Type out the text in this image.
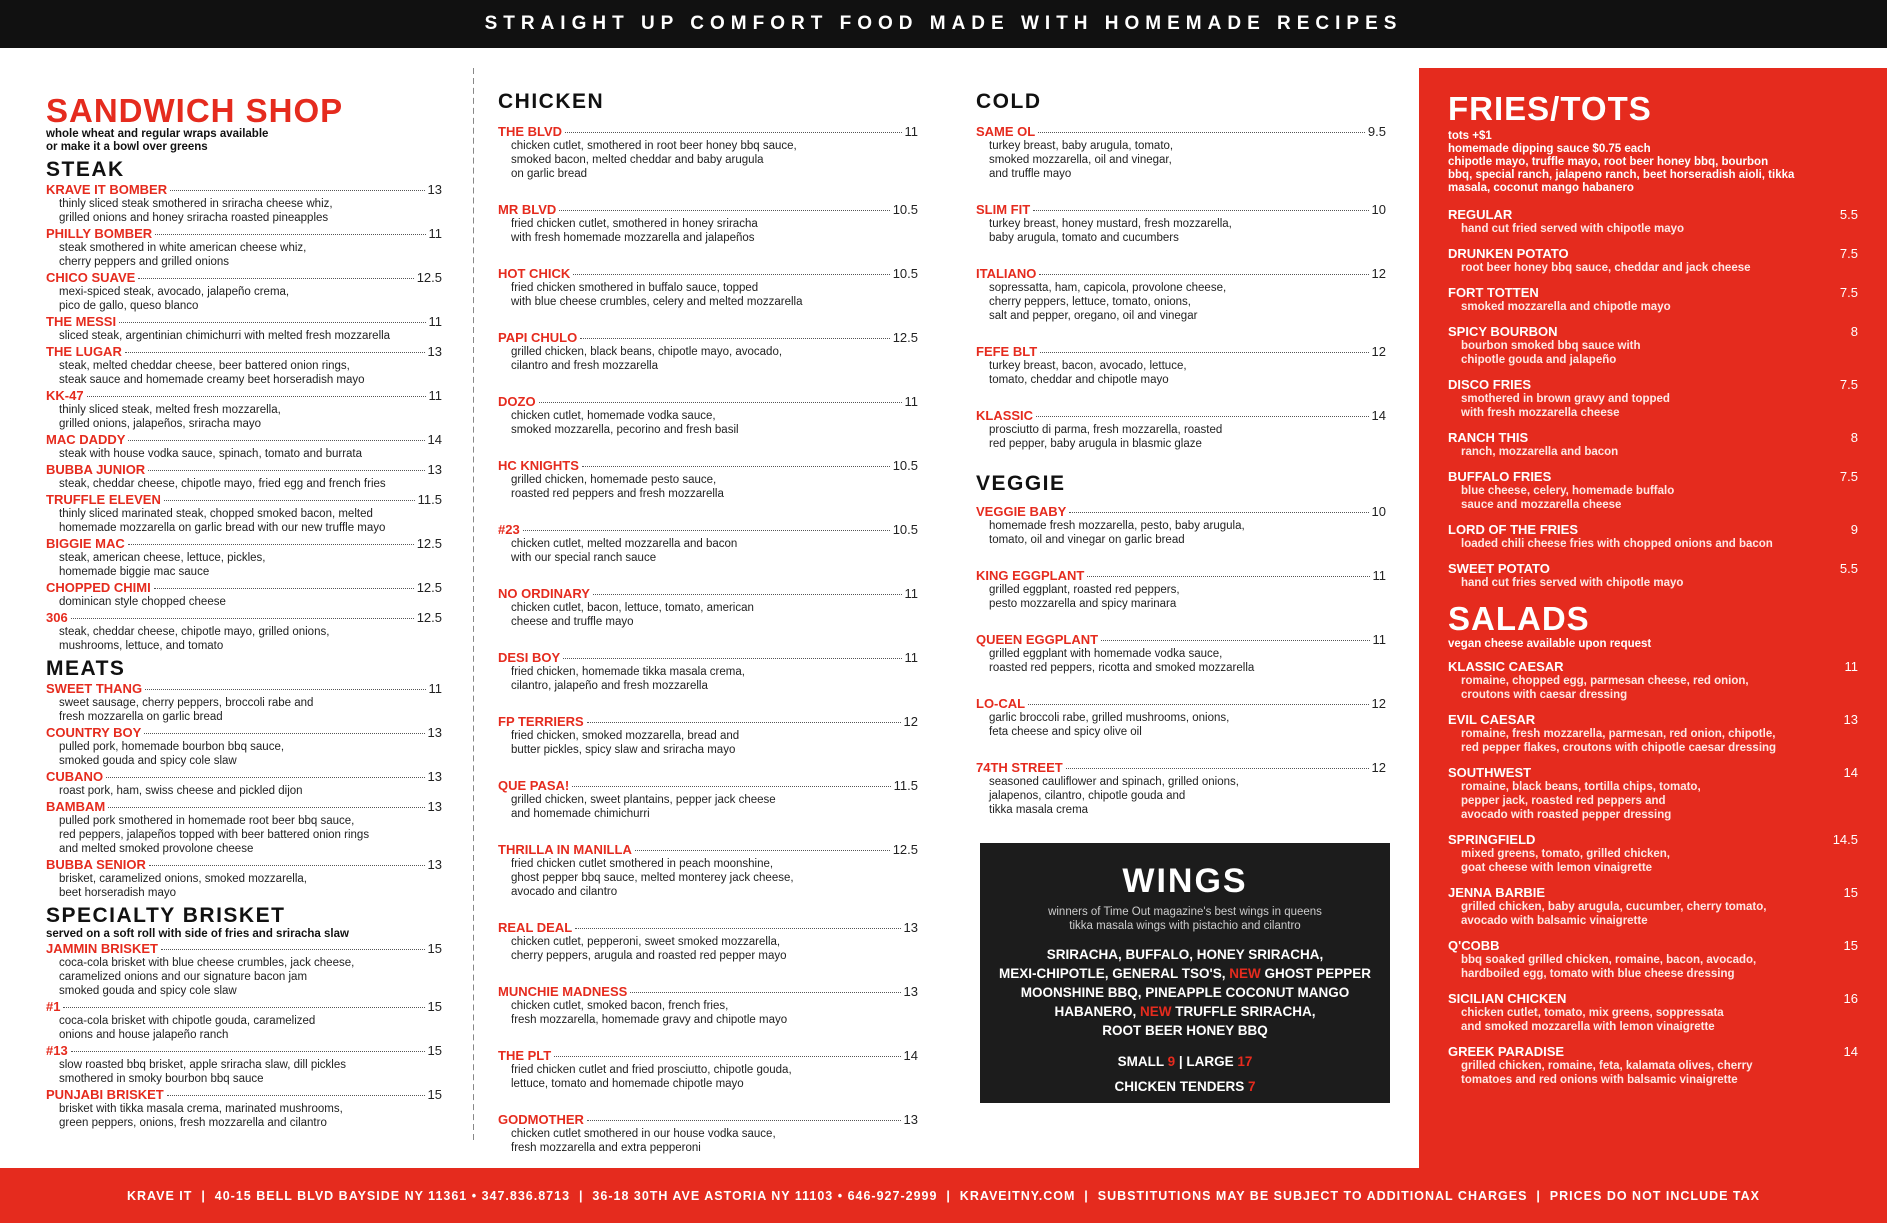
STRAIGHT UP COMFORT FOOD MADE WITH HOMEMADE RECIPES
SANDWICH SHOP
whole wheat and regular wraps available
or make it a bowl over greens
STEAK
KRAVE IT BOMBER	13
thinly sliced steak smothered in sriracha cheese whiz,
grilled onions and honey sriracha roasted pineapples
PHILLY BOMBER	11
steak smothered in white american cheese whiz,
cherry peppers and grilled onions
CHICO SUAVE	12.5
mexi-spiced steak, avocado, jalapeño crema,
pico de gallo, queso blanco
THE MESSI	11
sliced steak, argentinian chimichurri with melted fresh mozzarella
THE LUGAR	13
steak, melted cheddar cheese, beer battered onion rings,
steak sauce and homemade creamy beet horseradish mayo
KK-47	11
thinly sliced steak, melted fresh mozzarella,
grilled onions, jalapeños, sriracha mayo
MAC DADDY	14
steak with house vodka sauce, spinach, tomato and burrata
BUBBA JUNIOR	13
steak, cheddar cheese, chipotle mayo, fried egg and french fries
TRUFFLE ELEVEN	11.5
thinly sliced marinated steak, chopped smoked bacon, melted
homemade mozzarella on garlic bread with our new truffle mayo
BIGGIE MAC	12.5
steak, american cheese, lettuce, pickles,
homemade biggie mac sauce
CHOPPED CHIMI	12.5
dominican style chopped cheese
306	12.5
steak, cheddar cheese, chipotle mayo, grilled onions,
mushrooms, lettuce, and tomato
MEATS
SWEET THANG	11
sweet sausage, cherry peppers, broccoli rabe and
fresh mozzarella on garlic bread
COUNTRY BOY	13
pulled pork, homemade bourbon bbq sauce,
smoked gouda and spicy cole slaw
CUBANO	13
roast pork, ham, swiss cheese and pickled dijon
BAMBAM	13
pulled pork smothered in homemade root beer bbq sauce,
red peppers, jalapeños topped with beer battered onion rings
and melted smoked provolone cheese
BUBBA SENIOR	13
brisket, caramelized onions, smoked mozzarella,
beet horseradish mayo
SPECIALTY BRISKET
served on a soft roll with side of fries and sriracha slaw
JAMMIN BRISKET	15
coca-cola brisket with blue cheese crumbles, jack cheese,
caramelized onions and our signature bacon jam
smoked gouda and spicy cole slaw
#1	15
coca-cola brisket with chipotle gouda, caramelized
onions and house jalapeño ranch
#13	15
slow roasted bbq brisket, apple sriracha slaw, dill pickles
smothered in smoky bourbon bbq sauce
PUNJABI BRISKET	15
brisket with tikka masala crema, marinated mushrooms,
green peppers, onions, fresh mozzarella and cilantro
CHICKEN
THE BLVD	11
chicken cutlet, smothered in root beer honey bbq sauce,
smoked bacon, melted cheddar and baby arugula
on garlic bread
MR BLVD	10.5
fried chicken cutlet, smothered in honey sriracha
with fresh homemade mozzarella and jalapeños
HOT CHICK	10.5
fried chicken smothered in buffalo sauce, topped
with blue cheese crumbles, celery and melted mozzarella
PAPI CHULO	12.5
grilled chicken, black beans, chipotle mayo, avocado,
cilantro and fresh mozzarella
DOZO	11
chicken cutlet, homemade vodka sauce,
smoked mozzarella, pecorino and fresh basil
HC KNIGHTS	10.5
grilled chicken, homemade pesto sauce,
roasted red peppers and fresh mozzarella
#23	10.5
chicken cutlet, melted mozzarella and bacon
with our special ranch sauce
NO ORDINARY	11
chicken cutlet, bacon, lettuce, tomato, american
cheese and truffle mayo
DESI BOY	11
fried chicken, homemade tikka masala crema,
cilantro, jalapeño and fresh mozzarella
FP TERRIERS	12
fried chicken, smoked mozzarella, bread and
butter pickles, spicy slaw and sriracha mayo
QUE PASA!	11.5
grilled chicken, sweet plantains, pepper jack cheese
and homemade chimichurri
THRILLA IN MANILLA	12.5
fried chicken cutlet smothered in peach moonshine,
ghost pepper bbq sauce, melted monterey jack cheese,
avocado and cilantro
REAL DEAL	13
chicken cutlet, pepperoni, sweet smoked mozzarella,
cherry peppers, arugula and roasted red pepper mayo
MUNCHIE MADNESS	13
chicken cutlet, smoked bacon, french fries,
fresh mozzarella, homemade gravy and chipotle mayo
THE PLT	14
fried chicken cutlet and fried prosciutto, chipotle gouda,
lettuce, tomato and homemade chipotle mayo
GODMOTHER	13
chicken cutlet smothered in our house vodka sauce,
fresh mozzarella and extra pepperoni
COLD
SAME OL	9.5
turkey breast, baby arugula, tomato,
smoked mozzarella, oil and vinegar,
and truffle mayo
SLIM FIT	10
turkey breast, honey mustard, fresh mozzarella,
baby arugula, tomato and cucumbers
ITALIANO	12
sopressatta, ham, capicola, provolone cheese,
cherry peppers, lettuce, tomato, onions,
salt and pepper, oregano, oil and vinegar
FEFE BLT	12
turkey breast, bacon, avocado, lettuce,
tomato, cheddar and chipotle mayo
KLASSIC	14
prosciutto di parma, fresh mozzarella, roasted
red pepper, baby arugula in blasmic glaze
VEGGIE
VEGGIE BABY	10
homemade fresh mozzarella, pesto, baby arugula,
tomato, oil and vinegar on garlic bread
KING EGGPLANT	11
grilled eggplant, roasted red peppers,
pesto mozzarella and spicy marinara
QUEEN EGGPLANT	11
grilled eggplant with homemade vodka sauce,
roasted red peppers, ricotta and smoked mozzarella
LO-CAL	12
garlic broccoli rabe, grilled mushrooms, onions,
feta cheese and spicy olive oil
74TH STREET	12
seasoned cauliflower and spinach, grilled onions,
jalapenos, cilantro, chipotle gouda and
tikka masala crema
WINGS
winners of Time Out magazine's best wings in queens
tikka masala wings with pistachio and cilantro
SRIRACHA, BUFFALO, HONEY SRIRACHA,
MEXI-CHIPOTLE, GENERAL TSO'S, NEW GHOST PEPPER
MOONSHINE BBQ, PINEAPPLE COCONUT MANGO
HABANERO, NEW TRUFFLE SRIRACHA,
ROOT BEER HONEY BBQ
SMALL 9 | LARGE 17
CHICKEN TENDERS 7
FRIES/TOTS
tots +$1
homemade dipping sauce $0.75 each
chipotle mayo, truffle mayo, root beer honey bbq, bourbon
bbq, special ranch, jalapeno ranch, beet horseradish aioli, tikka
masala, coconut mango habanero
REGULAR	5.5
hand cut fried served with chipotle mayo
DRUNKEN POTATO	7.5
root beer honey bbq sauce, cheddar and jack cheese
FORT TOTTEN	7.5
smoked mozzarella and chipotle mayo
SPICY BOURBON	8
bourbon smoked bbq sauce with
chipotle gouda and jalapeño
DISCO FRIES	7.5
smothered in brown gravy and topped
with fresh mozzarella cheese
RANCH THIS	8
ranch, mozzarella and bacon
BUFFALO FRIES	7.5
blue cheese, celery, homemade buffalo
sauce and mozzarella cheese
LORD OF THE FRIES	9
loaded chili cheese fries with chopped onions and bacon
SWEET POTATO	5.5
hand cut fries served with chipotle mayo
SALADS
vegan cheese available upon request
KLASSIC CAESAR	11
romaine, chopped egg, parmesan cheese, red onion,
croutons with caesar dressing
EVIL CAESAR	13
romaine, fresh mozzarella, parmesan, red onion, chipotle,
red pepper flakes, croutons with chipotle caesar dressing
SOUTHWEST	14
romaine, black beans, tortilla chips, tomato,
pepper jack, roasted red peppers and
avocado with roasted pepper dressing
SPRINGFIELD	14.5
mixed greens, tomato, grilled chicken,
goat cheese with lemon vinaigrette
JENNA BARBIE	15
grilled chicken, baby arugula, cucumber, cherry tomato,
avocado with balsamic vinaigrette
Q'COBB	15
bbq soaked grilled chicken, romaine, bacon, avocado,
hardboiled egg, tomato with blue cheese dressing
SICILIAN CHICKEN	16
chicken cutlet, tomato, mix greens, soppressata
and smoked mozzarella with lemon vinaigrette
GREEK PARADISE	14
grilled chicken, romaine, feta, kalamata olives, cherry
tomatoes and red onions with balsamic vinaigrette
KRAVE IT  |  40-15 BELL BLVD BAYSIDE NY 11361 • 347.836.8713  |  36-18 30TH AVE ASTORIA NY 11103 • 646-927-2999  |  KRAVEITNY.COM  |  SUBSTITUTIONS MAY BE SUBJECT TO ADDITIONAL CHARGES  |  PRICES DO NOT INCLUDE TAX
